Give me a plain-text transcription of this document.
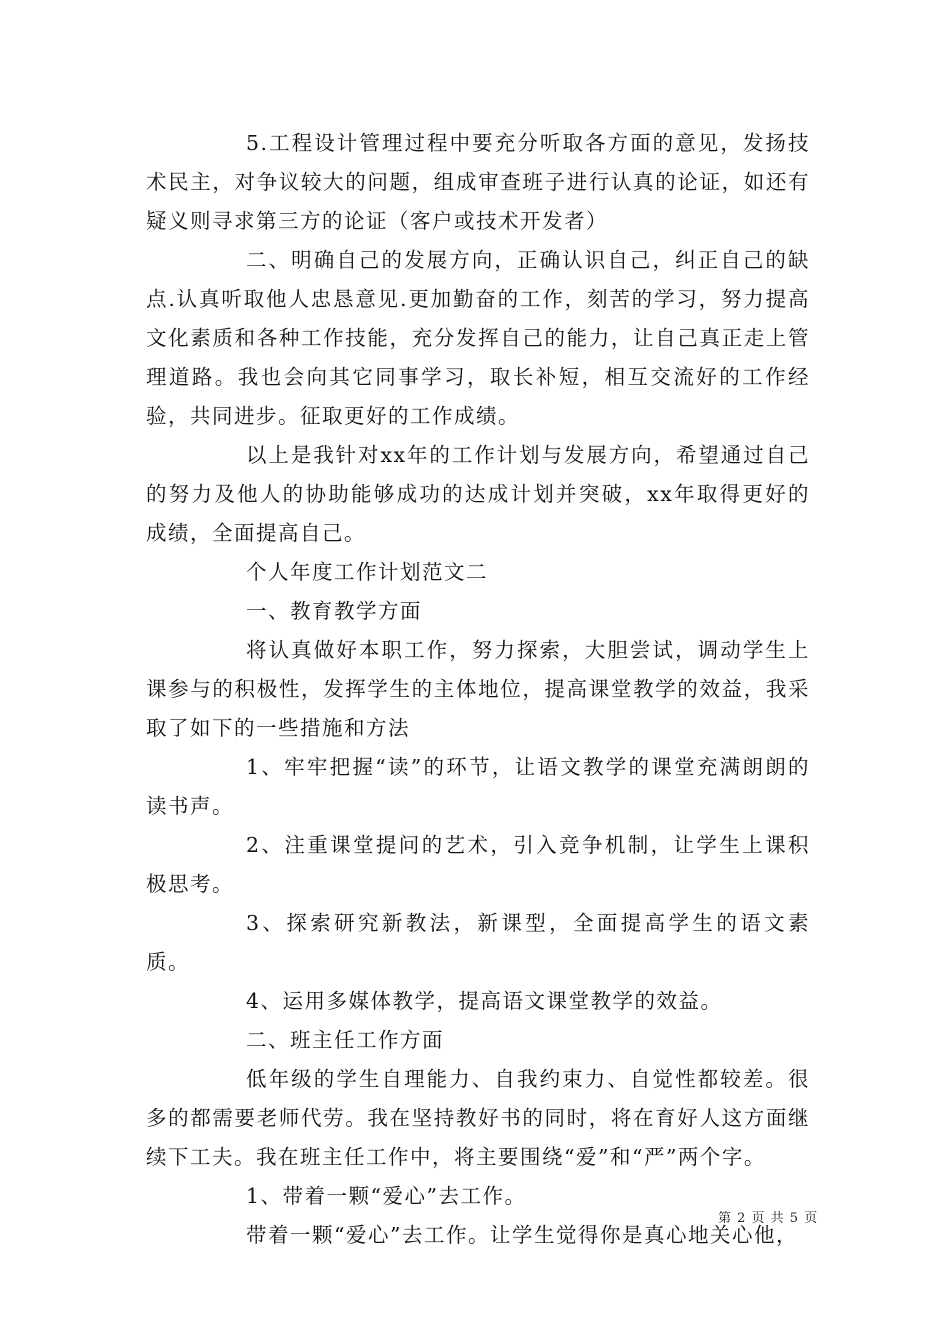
5.工程设计管理过程中要充分听取各方面的意见，发扬技术民主，对争议较大的问题，组成审查班子进行认真的论证，如还有疑义则寻求第三方的论证（客户或技术开发者）

二、明确自己的发展方向，正确认识自己，纠正自己的缺点.认真听取他人忠恳意见.更加勤奋的工作，刻苦的学习，努力提高文化素质和各种工作技能，充分发挥自己的能力，让自己真正走上管理道路。我也会向其它同事学习，取长补短，相互交流好的工作经验，共同进步。征取更好的工作成绩。

以上是我针对xx年的工作计划与发展方向，希望通过自己的努力及他人的协助能够成功的达成计划并突破，xx年取得更好的成绩，全面提高自己。

个人年度工作计划范文二

一、教育教学方面

将认真做好本职工作，努力探索，大胆尝试，调动学生上课参与的积极性，发挥学生的主体地位，提高课堂教学的效益，我采取了如下的一些措施和方法

1、牢牢把握“读”的环节，让语文教学的课堂充满朗朗的读书声。

2、注重课堂提问的艺术，引入竞争机制，让学生上课积极思考。

3、探索研究新教法，新课型，全面提高学生的语文素质。

4、运用多媒体教学，提高语文课堂教学的效益。

二、班主任工作方面

低年级的学生自理能力、自我约束力、自觉性都较差。很多的都需要老师代劳。我在坚持教好书的同时，将在育好人这方面继续下工夫。我在班主任工作中，将主要围绕“爱”和“严”两个字。

1、带着一颗“爱心”去工作。

带着一颗“爱心”去工作。让学生觉得你是真心地关心他，

第 2 页 共 5 页
